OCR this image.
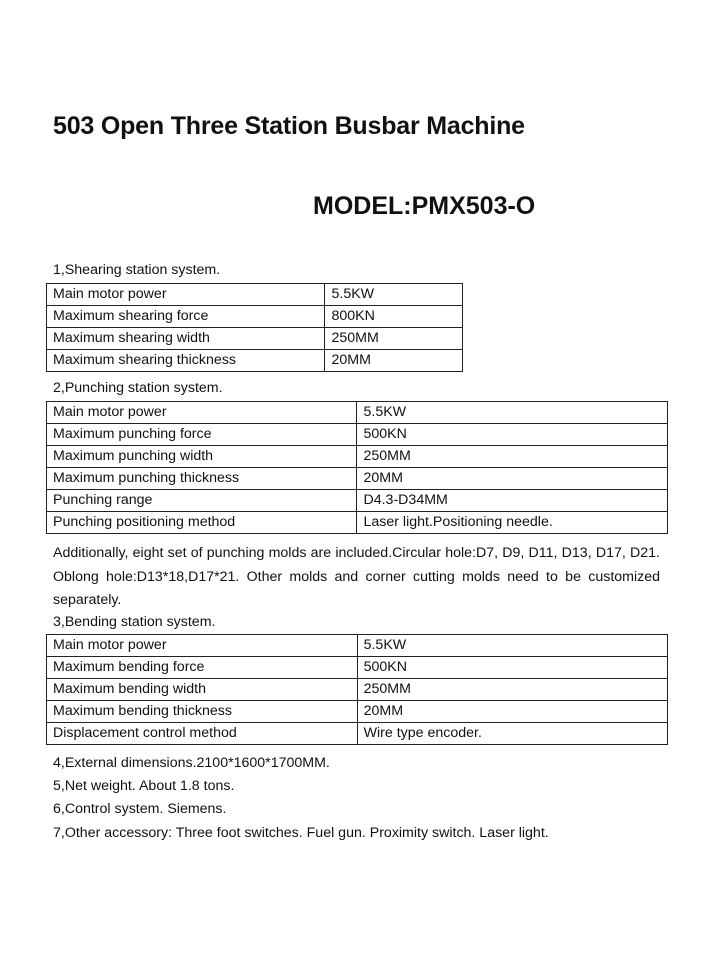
503 Open Three Station Busbar Machine
MODEL:PMX503-O
1,Shearing station system.
Main motor power	5.5KW
Maximum shearing force	800KN
Maximum shearing width	250MM
Maximum shearing thickness	20MM
2,Punching station system.
Main motor power	5.5KW
Maximum punching force	500KN
Maximum punching width	250MM
Maximum punching thickness	20MM
Punching range	D4.3-D34MM
Punching positioning method	Laser light.Positioning needle.
Additionally, eight set of punching molds are included.Circular hole:D7, D9, D11, D13, D17, D21. Oblong hole:D13*18,D17*21. Other molds and corner cutting molds need to be customized separately.
3,Bending station system.
Main motor power	5.5KW
Maximum bending force	500KN
Maximum bending width	250MM
Maximum bending thickness	20MM
Displacement control method	Wire type encoder.
4,External dimensions.2100*1600*1700MM.
5,Net weight. About 1.8 tons.
6,Control system. Siemens.
7,Other accessory: Three foot switches. Fuel gun. Proximity switch. Laser light.
